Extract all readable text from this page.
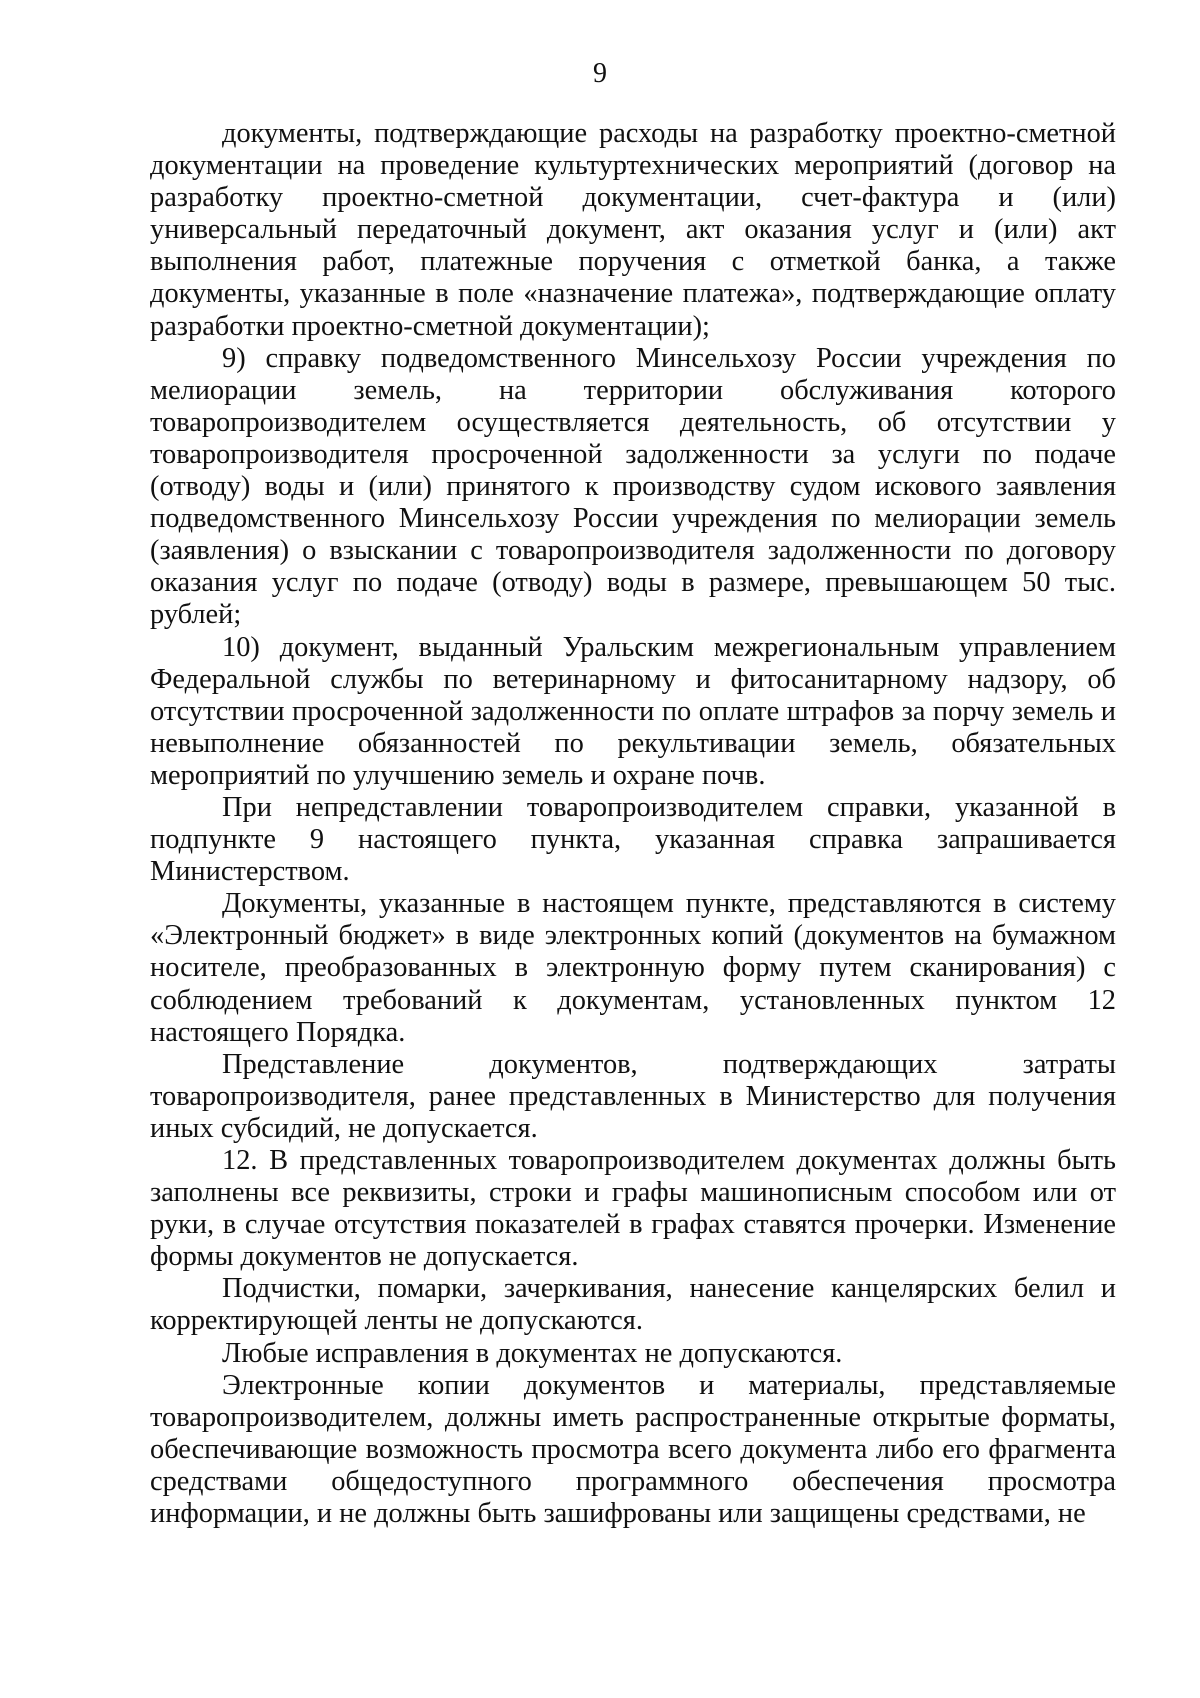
9

документы, подтверждающие расходы на разработку проектно-сметной документации на проведение культуртехнических мероприятий (договор на разработку проектно-сметной документации, счет-фактура и (или) универсальный передаточный документ, акт оказания услуг и (или) акт выполнения работ, платежные поручения с отметкой банка, а также документы, указанные в поле «назначение платежа», подтверждающие оплату разработки проектно-сметной документации);

9) справку подведомственного Минсельхозу России учреждения по мелиорации земель, на территории обслуживания которого товаропроизводителем осуществляется деятельность, об отсутствии у товаропроизводителя просроченной задолженности за услуги по подаче (отводу) воды и (или) принятого к производству судом искового заявления подведомственного Минсельхозу России учреждения по мелиорации земель (заявления) о взыскании с товаропроизводителя задолженности по договору оказания услуг по подаче (отводу) воды в размере, превышающем 50 тыс. рублей;

10) документ, выданный Уральским межрегиональным управлением Федеральной службы по ветеринарному и фитосанитарному надзору, об отсутствии просроченной задолженности по оплате штрафов за порчу земель и невыполнение обязанностей по рекультивации земель, обязательных мероприятий по улучшению земель и охране почв.

При непредставлении товаропроизводителем справки, указанной в подпункте 9 настоящего пункта, указанная справка запрашивается Министерством.

Документы, указанные в настоящем пункте, представляются в систему «Электронный бюджет» в виде электронных копий (документов на бумажном носителе, преобразованных в электронную форму путем сканирования) с соблюдением требований к документам, установленных пунктом 12 настоящего Порядка.

Представление документов, подтверждающих затраты товаропроизводителя, ранее представленных в Министерство для получения иных субсидий, не допускается.

12. В представленных товаропроизводителем документах должны быть заполнены все реквизиты, строки и графы машинописным способом или от руки, в случае отсутствия показателей в графах ставятся прочерки. Изменение формы документов не допускается.

Подчистки, помарки, зачеркивания, нанесение канцелярских белил и корректирующей ленты не допускаются.

Любые исправления в документах не допускаются.

Электронные копии документов и материалы, представляемые товаропроизводителем, должны иметь распространенные открытые форматы, обеспечивающие возможность просмотра всего документа либо его фрагмента средствами общедоступного программного обеспечения просмотра информации, и не должны быть зашифрованы или защищены средствами, не
